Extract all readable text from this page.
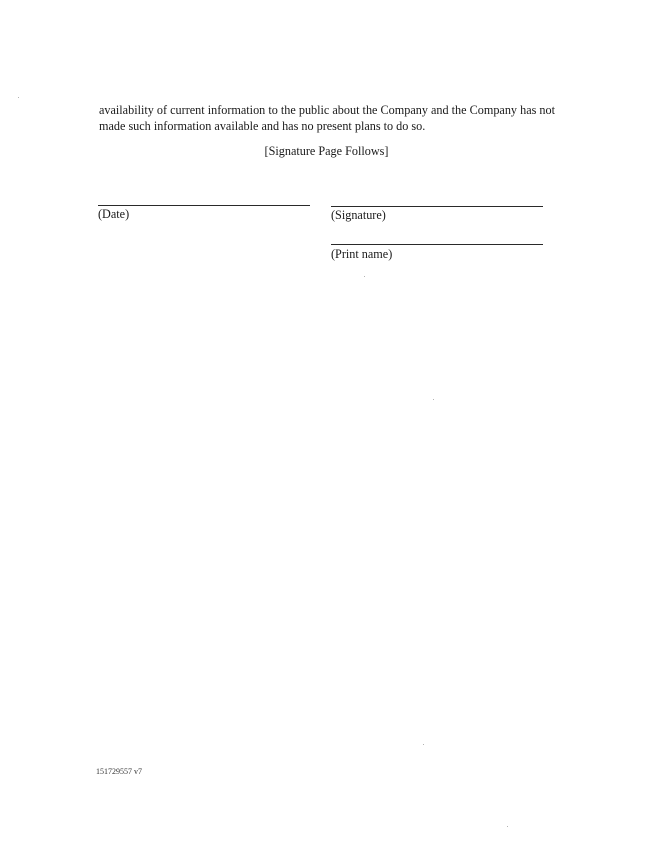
availability of current information to the public about the Company and the Company has not
made such information available and has no present plans to do so.
[Signature Page Follows]
(Date)	(Signature)
(Print name)
151729557 v7
